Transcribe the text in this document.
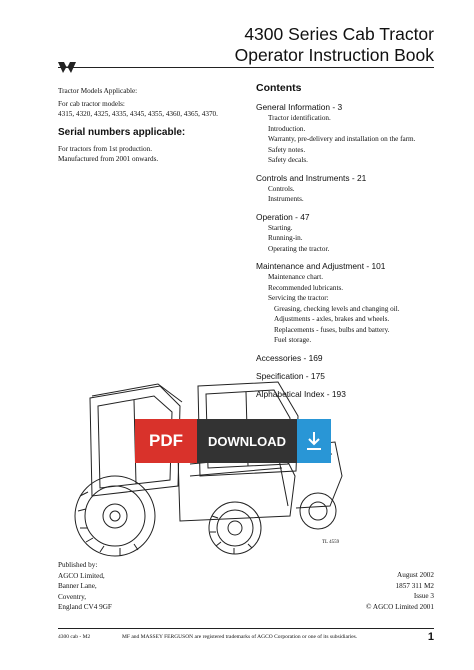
4300 Series Cab Tractor
Operator Instruction Book
Tractor Models Applicable:
For cab tractor models:
4315, 4320, 4325, 4335, 4345, 4355, 4360, 4365, 4370.
Serial numbers applicable:
For tractors from 1st production.
Manufactured from 2001 onwards.
Contents
General Information - 3
Tractor identification.
Introduction.
Warranty, pre-delivery and installation on the farm.
Safety notes.
Safety decals.
Controls and Instruments - 21
Controls.
Instruments.
Operation - 47
Starting.
Running-in.
Operating the tractor.
Maintenance and Adjustment - 101
Maintenance chart.
Recommended lubricants.
Servicing the tractor:
Greasing, checking levels and changing oil.
Adjustments - axles, brakes and wheels.
Replacements - fuses, bulbs and battery.
Fuel storage.
Accessories - 169
Specification - 175
Alphabetical Index - 193
TL 4559
PDF	DOWNLOAD
Published by:
AGCO Limited,
Banner Lane,
Coventry,
England CV4 9GF
August 2002
1857 311 M2
Issue 3
© AGCO Limited 2001
4300 cab - M2	MF and MASSEY FERGUSON are registered trademarks of AGCO Corporation or one of its subsidiaries.	1
